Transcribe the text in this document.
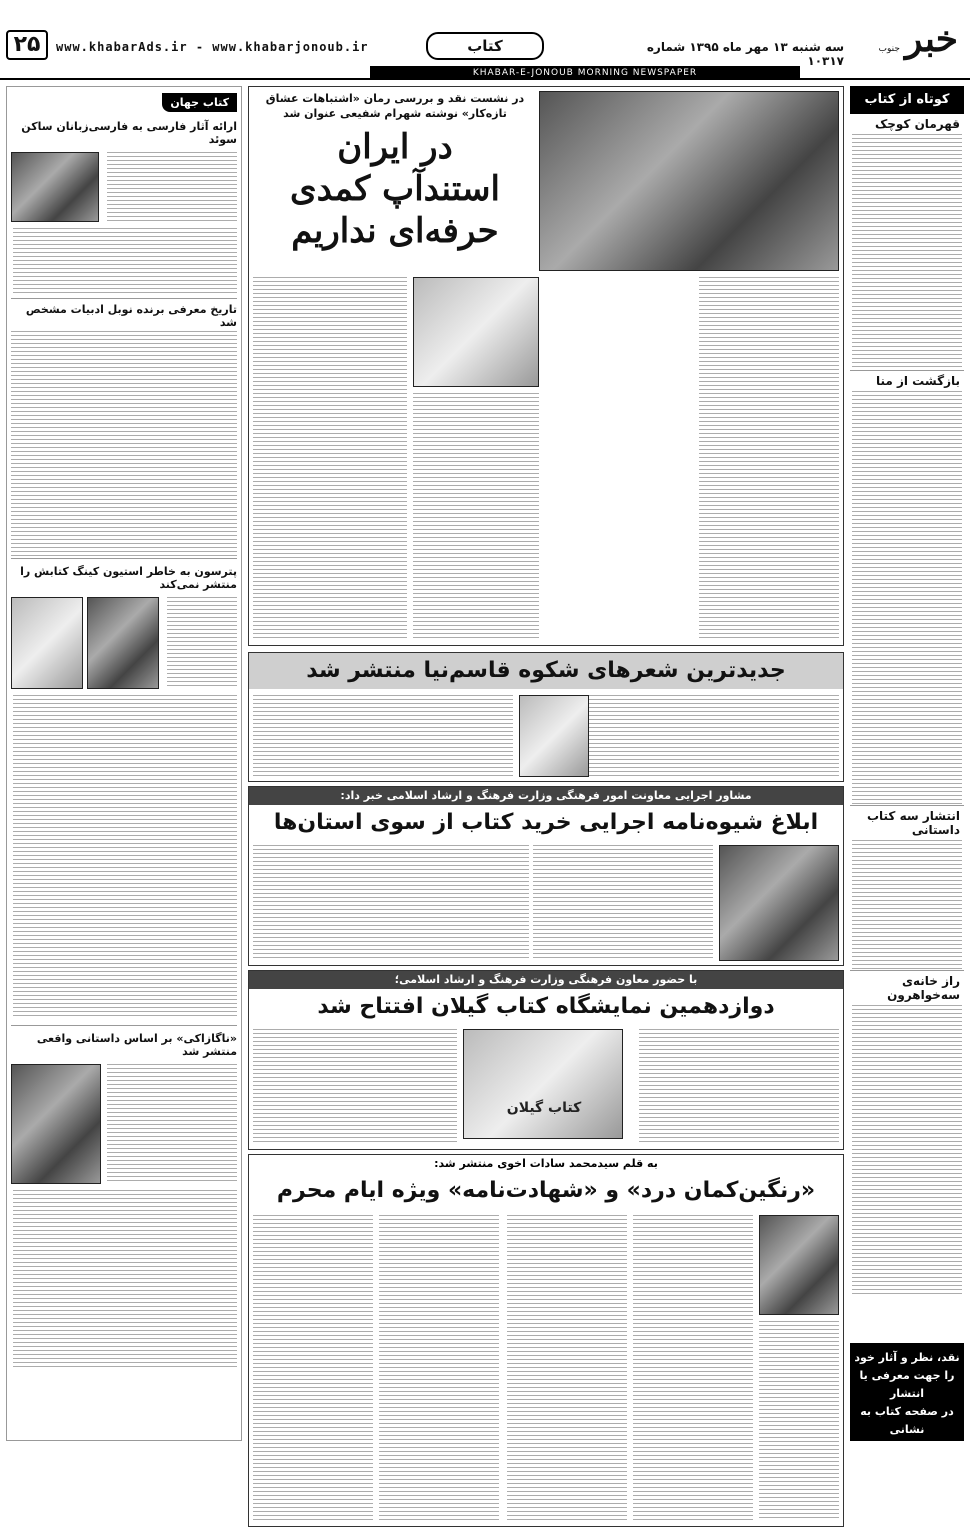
۲۵	www.khabarAds.ir - www.khabarjonoub.ir	کتاب	سه شنبه ۱۳ مهر ماه ۱۳۹۵ شماره ۱۰۳۱۷
خبر جنوب
KHABAR-E-JONOUB MORNING NEWSPAPER
کتاب جهان
ارائه آثار فارسی به فارسی‌زبانان ساکن سوئد
تاریخ معرفی برنده نوبل ادبیات مشخص شد
پترسون به خاطر استیون کینگ کتابش را منتشر نمی‌کند
«ناگازاکی» بر اساس داستانی واقعی منتشر شد
در نشست نقد و بررسی رمان «اشتباهات عشاق تازه‌کار» نوشته شهرام شفیعی عنوان شد
در ایران
استندآپ کمدی
حرفه‌ای نداریم
جدیدترین شعرهای شکوه قاسم‌نیا منتشر شد
مشاور اجرایی معاونت امور فرهنگی وزارت فرهنگ و ارشاد اسلامی خبر داد:
ابلاغ شیوه‌نامه اجرایی خرید کتاب از سوی استان‌ها
با حضور معاون فرهنگی وزارت فرهنگ و ارشاد اسلامی؛
دوازدهمین نمایشگاه کتاب گیلان افتتاح شد
کتاب گیلان
به قلم سیدمحمد سادات اخوی منتشر شد:
«رنگین‌کمان درد» و «شهادت‌نامه» ویژه ایام محرم
کوتاه از کتاب
قهرمان کوچک
بازگشت از منا
انتشار سه کتاب داستانی
راز خانه‌ی سه‌خواهرون
نقد، نظر و آثار خود
را جهت معرفی یا انتشار
در صفحه کتاب به نشانی
زیر ارسال نمایید:
ketab@khabarads.ir
